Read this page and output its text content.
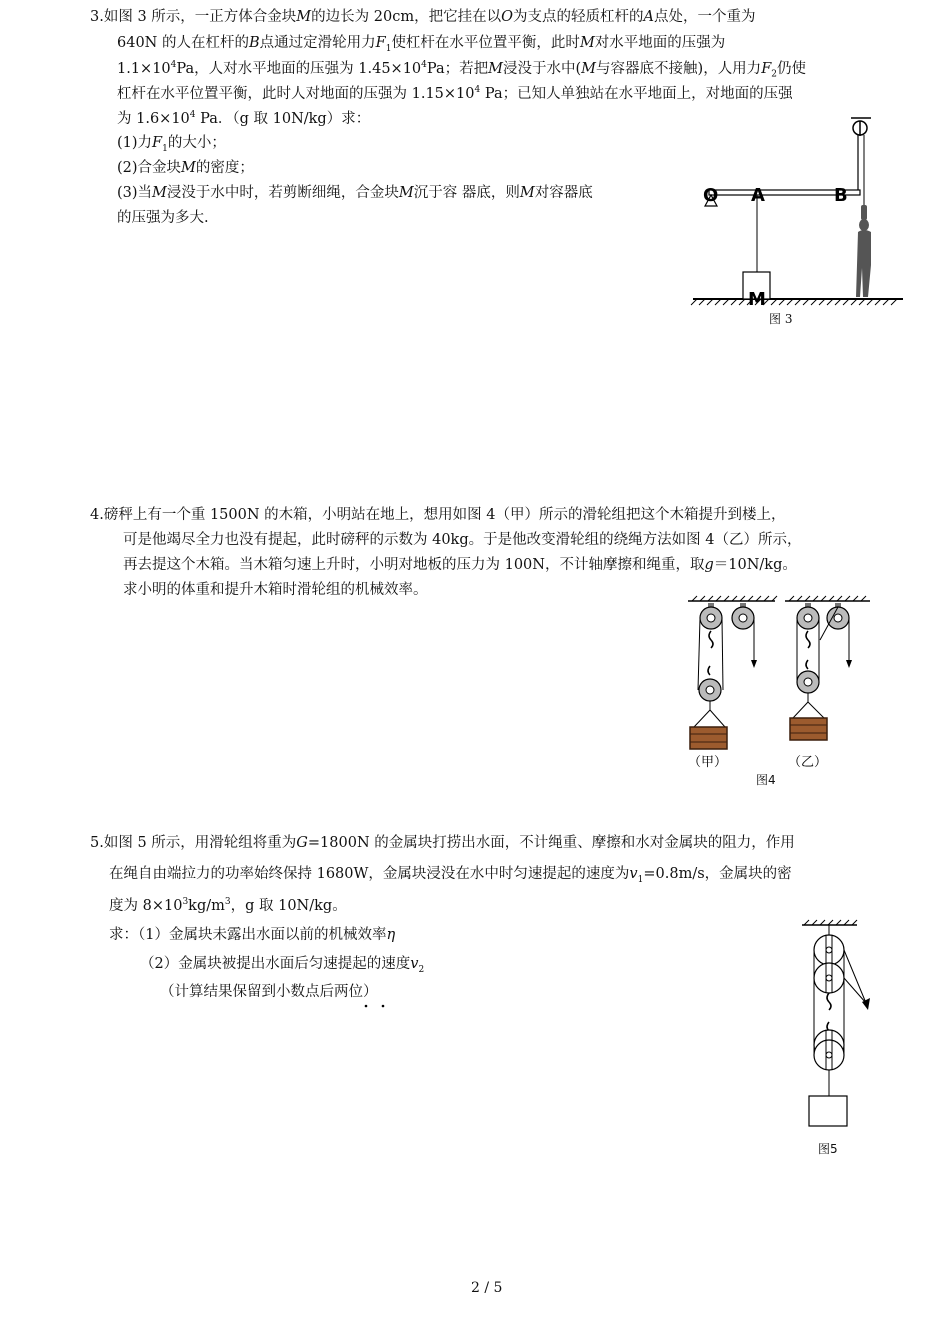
3.如图 3 所示，一正方体合金块M的边长为 20cm，把它挂在以O为支点的轻质杠杆的A点处，一个重为
640N 的人在杠杆的B点通过定滑轮用力$F_1$使杠杆在水平位置平衡，此时M对水平地面的压强为
$1.1\times 10^4Pa$，人对水平地面的压强为 $1.45\times 10^4Pa$；若把M浸没于水中(M与容器底不接触)，人用力$F_2$仍使
杠杆在水平位置平衡，此时人对地面的压强为 $1.15\times 10^4$ Pa；已知人单独站在水平地面上，对地面的压强
为 $1.6\times 10^4$ Pa．（g 取 10N/kg）求：
(1)力$F_1$的大小；
(2)合金块M的密度；
(3)当M浸没于水中时，若剪断细绳，合金块M沉于容 器底，则M对容器底
的压强为多大.
O A	B
M
图 3
4.磅秤上有一个重 1500N 的木箱，小明站在地上，想用如图 4（甲）所示的滑轮组把这个木箱提升到楼上，
可是他竭尽全力也没有提起，此时磅秤的示数为 40kg。于是他改变滑轮组的绕绳方法如图 4（乙）所示，
再去提这个木箱。当木箱匀速上升时，小明对地板的压力为 100N，不计轴摩擦和绳重，取g＝10N/kg。
求小明的体重和提升木箱时滑轮组的机械效率。
（甲）	（乙）
图4
5.如图 5 所示，用滑轮组将重为G=1800N 的金属块打捞出水面，不计绳重、摩擦和水对金属块的阻力，作用
在绳自由端拉力的功率始终保持 1680W，金属块浸没在水中时匀速提起的速度为$v_1=0.8m/s$，金属块的密
度为 $8\times 10^3kg/m^3$，g 取 10N/kg。
求：（1）金属块未露出水面以前的机械效率η
（2）金属块被提出水面后匀速提起的速度$v_2$
（计算结果保留到小数点后两位）
图5
2 / 5
